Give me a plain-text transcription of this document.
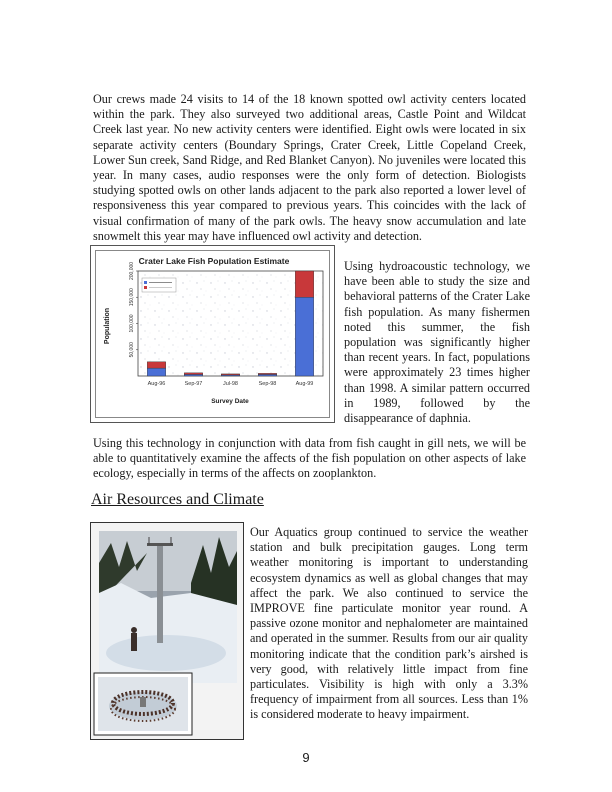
Our crews made 24 visits to 14 of the 18 known spotted owl activity centers located within the park. They also surveyed two additional areas, Castle Point and Wildcat Creek last year. No new activity centers were identified. Eight owls were located in six separate activity centers (Boundary Springs, Crater Creek, Little Copeland Creek, Lower Sun creek, Sand Ridge, and Red Blanket Canyon). No juveniles were located this year. In many cases, audio responses were the only form of detection. Biologists studying spotted owls on other lands adjacent to the park also reported a lower level of responsiveness this year compared to previous years. This coincides with the lack of visual confirmation of many of the park owls. The heavy snow accumulation and late snowmelt this year may have influenced owl activity and detection.

Crater Lake Fish Population Estimate
50,000
100,000
150,000
200,000
Aug-96	Sep-97	Jul-98	Sep-98	Aug-99
Population
Survey Date

Using hydroacoustic technology, we have been able to study the size and behavioral patterns of the Crater Lake fish population. As many fishermen noted this summer, the fish population was significantly higher than recent years. In fact, populations were approximately 23 times higher than 1998. A similar pattern occurred in 1989, followed by the disappearance of daphnia.

Using this technology in conjunction with data from fish caught in gill nets, we will be able to quantitatively examine the affects of the fish population on other aspects of lake ecology, especially in terms of the affects on zooplankton.

Air Resources and Climate

Our Aquatics group continued to service the weather station and bulk precipitation gauges. Long term weather monitoring is important to understanding ecosystem dynamics as well as global changes that may affect the park. We also continued to service the IMPROVE fine particulate monitor year round. A passive ozone monitor and nephalometer are maintained and operated in the summer. Results from our air quality monitoring indicate that the condition park’s airshed is very good, with relatively little impact from fine particulates. Visibility is high with only a 3.3% frequency of impairment from all sources. Less than 1% is considered moderate to heavy impairment.

9
